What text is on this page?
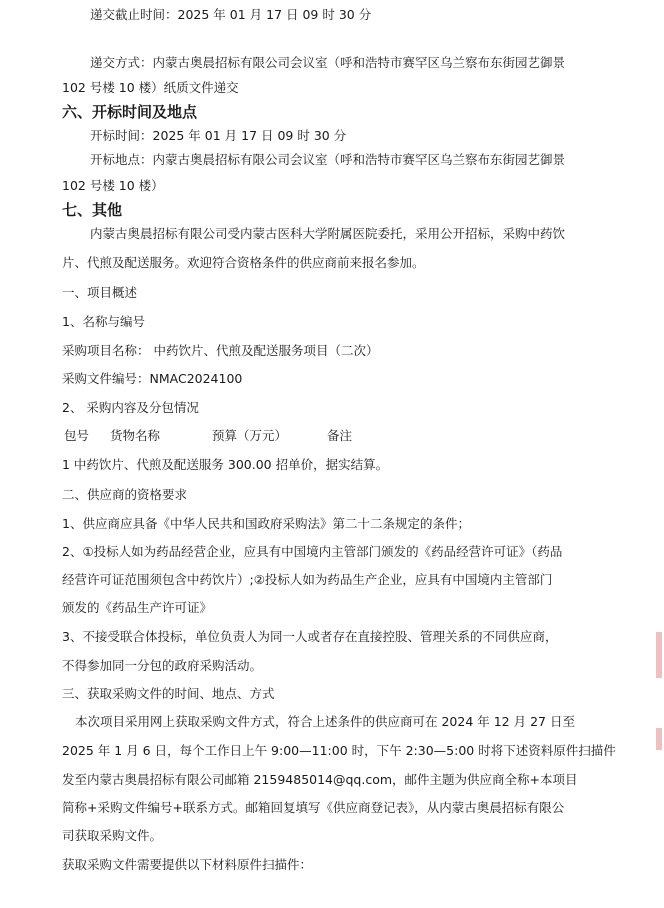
递交截止时间：2025 年 01 月 17 日 09 时 30 分
递交方式：内蒙古奥晨招标有限公司会议室（呼和浩特市赛罕区乌兰察布东街园艺御景
102 号楼 10 楼）纸质文件递交
六、开标时间及地点
开标时间：2025 年 01 月 17 日 09 时 30 分
开标地点：内蒙古奥晨招标有限公司会议室（呼和浩特市赛罕区乌兰察布东街园艺御景
102 号楼 10 楼）
七、其他
内蒙古奥晨招标有限公司受内蒙古医科大学附属医院委托，采用公开招标，采购中药饮
片、代煎及配送服务。欢迎符合资格条件的供应商前来报名参加。
一、项目概述
1、名称与编号
采购项目名称： 中药饮片、代煎及配送服务项目（二次）
采购文件编号：NMAC2024100
2、 采购内容及分包情况
包号 货物名称	预算（万元）	备注
1 中药饮片、代煎及配送服务 300.00 招单价，据实结算。
二、供应商的资格要求
1、供应商应具备《中华人民共和国政府采购法》第二十二条规定的条件；
2、①投标人如为药品经营企业，应具有中国境内主管部门颁发的《药品经营许可证》（药品
经营许可证范围须包含中药饮片）;②投标人如为药品生产企业，应具有中国境内主管部门
颁发的《药品生产许可证》
3、不接受联合体投标，单位负责人为同一人或者存在直接控股、管理关系的不同供应商，
不得参加同一分包的政府采购活动。
三、获取采购文件的时间、地点、方式
本次项目采用网上获取采购文件方式，符合上述条件的供应商可在 2024 年 12 月 27 日至
2025 年 1 月 6 日，每个工作日上午 9:00—11:00 时，下午 2:30—5:00 时将下述资料原件扫描件
发至内蒙古奥晨招标有限公司邮箱 2159485014@qq.com，邮件主题为供应商全称+本项目
简称+采购文件编号+联系方式。邮箱回复填写《供应商登记表》，从内蒙古奥晨招标有限公
司获取采购文件。
获取采购文件需要提供以下材料原件扫描件：
